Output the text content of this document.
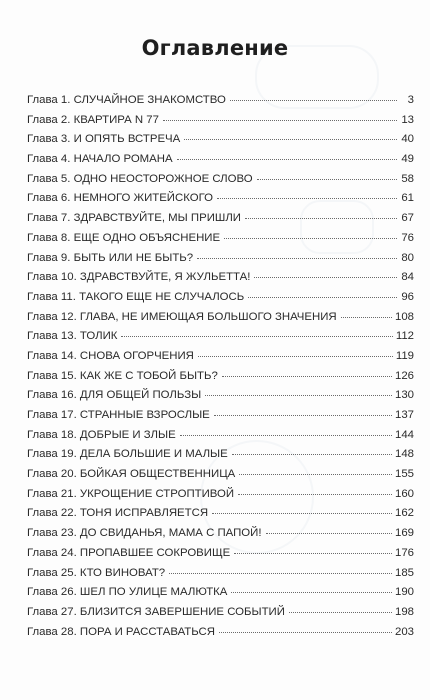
Оглавление
Глава 1. СЛУЧАЙНОЕ ЗНАКОМСТВО	3
Глава 2. КВАРТИРА N 77	13
Глава 3. И ОПЯТЬ ВСТРЕЧА	40
Глава 4. НАЧАЛО РОМАНА	49
Глава 5. ОДНО НЕОСТОРОЖНОЕ СЛОВО	58
Глава 6. НЕМНОГО ЖИТЕЙСКОГО	61
Глава 7. ЗДРАВСТВУЙТЕ, МЫ ПРИШЛИ	67
Глава 8. ЕЩЕ ОДНО ОБЪЯСНЕНИЕ	76
Глава 9. БЫТЬ ИЛИ НЕ БЫТЬ?	80
Глава 10. ЗДРАВСТВУЙТЕ, Я ЖУЛЬЕТТА!	84
Глава 11. ТАКОГО ЕЩЕ НЕ СЛУЧАЛОСЬ	96
Глава 12. ГЛАВА, НЕ ИМЕЮЩАЯ БОЛЬШОГО ЗНАЧЕНИЯ	108
Глава 13. ТОЛИК	112
Глава 14. СНОВА ОГОРЧЕНИЯ	119
Глава 15. КАК ЖЕ С ТОБОЙ БЫТЬ?	126
Глава 16. ДЛЯ ОБЩЕЙ ПОЛЬЗЫ	130
Глава 17. СТРАННЫЕ ВЗРОСЛЫЕ	137
Глава 18. ДОБРЫЕ И ЗЛЫЕ	144
Глава 19. ДЕЛА БОЛЬШИЕ И МАЛЫЕ	148
Глава 20. БОЙКАЯ ОБЩЕСТВЕННИЦА	155
Глава 21. УКРОЩЕНИЕ СТРОПТИВОЙ	160
Глава 22. ТОНЯ ИСПРАВЛЯЕТСЯ	162
Глава 23. ДО СВИДАНЬЯ, МАМА С ПАПОЙ!	169
Глава 24. ПРОПАВШЕЕ СОКРОВИЩЕ	176
Глава 25. КТО ВИНОВАТ?	185
Глава 26. ШЕЛ ПО УЛИЦЕ МАЛЮТКА	190
Глава 27. БЛИЗИТСЯ ЗАВЕРШЕНИЕ СОБЫТИЙ	198
Глава 28. ПОРА И РАССТАВАТЬСЯ	203
